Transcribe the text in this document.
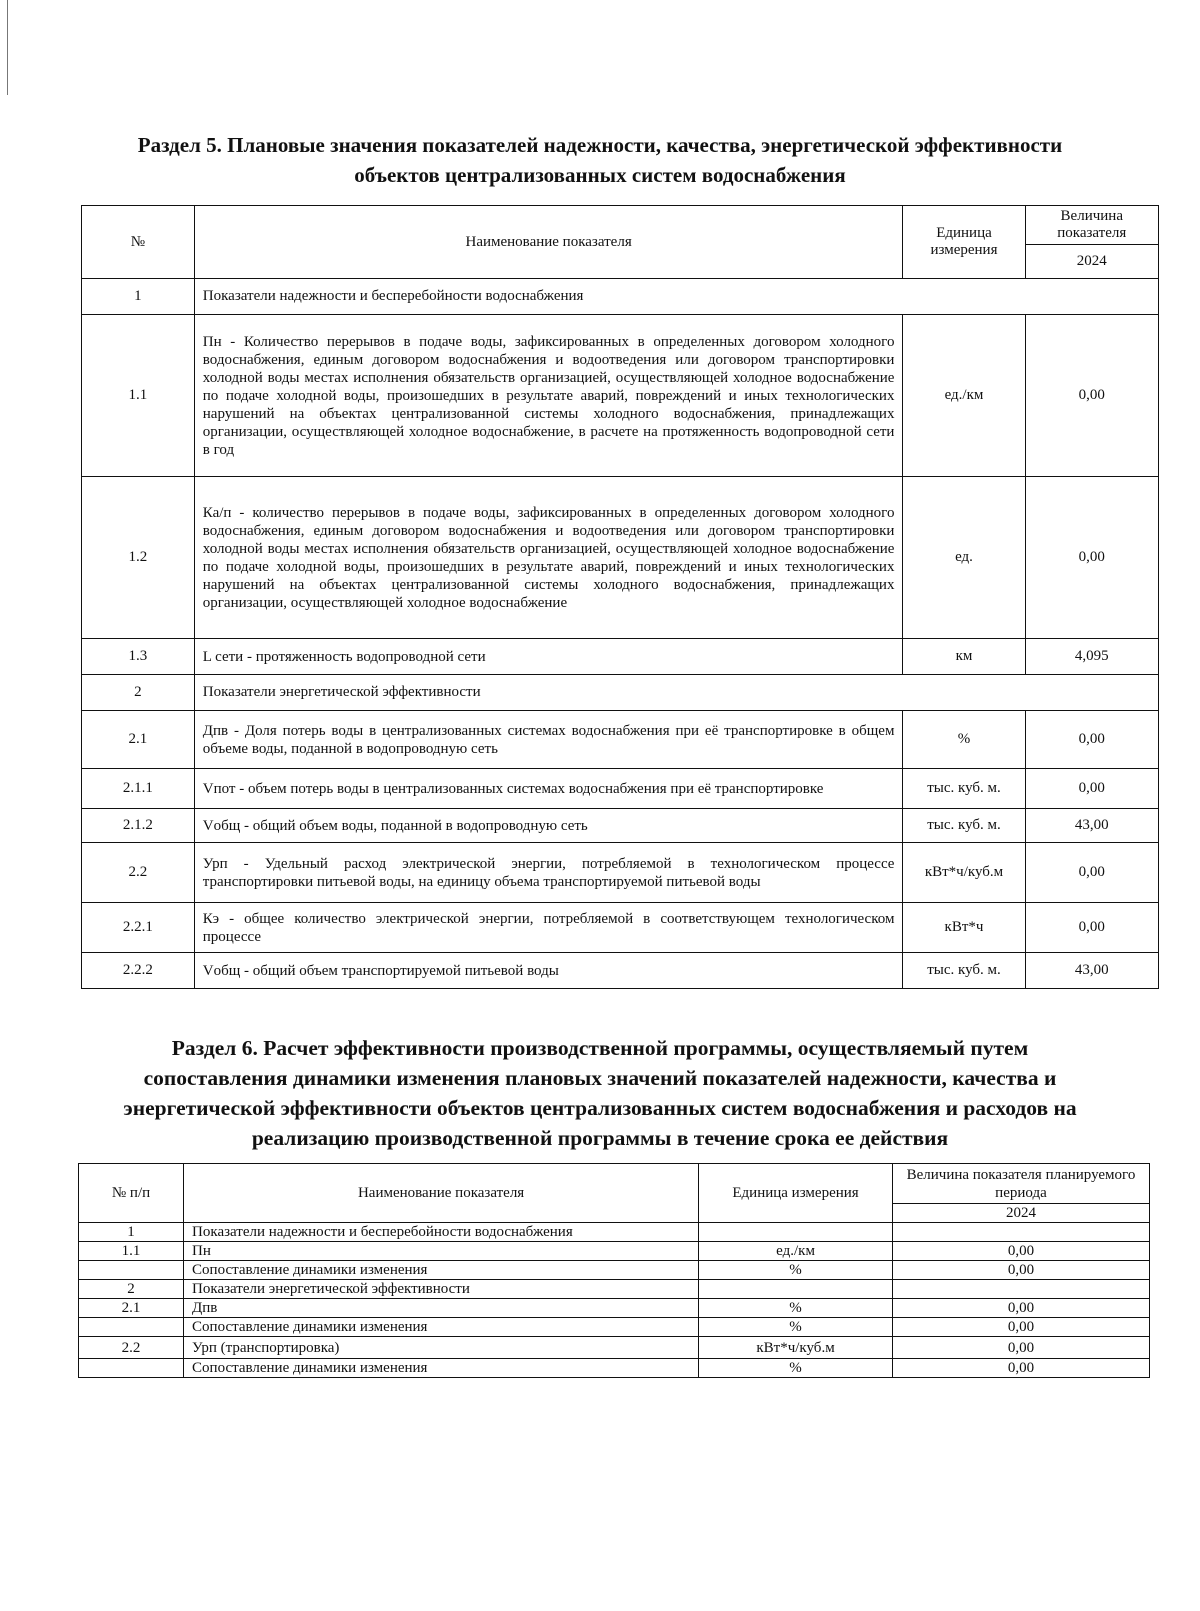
Раздел 5. Плановые значения показателей надежности, качества, энергетической эффективности
объектов централизованных систем водоснабжения
№	Наименование показателя	Единица измерения	Величина показателя
			2024
1	Показатели надежности и бесперебойности водоснабжения		
1.1	Пн - Количество перерывов в подаче воды, зафиксированных в определенных договором холодного водоснабжения, единым договором водоснабжения и водоотведения или договором транспортировки холодной воды местах исполнения обязательств организацией, осуществляющей холодное водоснабжение по подаче холодной воды, произошедших в результате аварий, повреждений и иных технологических нарушений на объектах централизованной системы холодного водоснабжения, принадлежащих организации, осуществляющей холодное водоснабжение, в расчете на протяженность водопроводной сети в год	ед./км	0,00
1.2	Ка/п - количество перерывов в подаче воды, зафиксированных в определенных договором холодного водоснабжения, единым договором водоснабжения и водоотведения или договором транспортировки холодной воды местах исполнения обязательств организацией, осуществляющей холодное водоснабжение по подаче холодной воды, произошедших в результате аварий, повреждений и иных технологических нарушений на объектах централизованной системы холодного водоснабжения, принадлежащих организации, осуществляющей холодное водоснабжение	ед.	0,00
1.3	L сети - протяженность водопроводной сети	км	4,095
2	Показатели энергетической эффективности		
2.1	Дпв - Доля потерь воды в централизованных системах водоснабжения при её транспортировке в общем объеме воды, поданной в водопроводную сеть	%	0,00
2.1.1	Vпот - объем потерь воды в централизованных системах водоснабжения при её транспортировке	тыс. куб. м.	0,00
2.1.2	Vобщ - общий объем воды, поданной в водопроводную сеть	тыс. куб. м.	43,00
2.2	Урп - Удельный расход электрической энергии, потребляемой в технологическом процессе транспортировки питьевой воды, на единицу объема транспортируемой питьевой воды	кВт*ч/куб.м	0,00
2.2.1	Кэ - общее количество электрической энергии, потребляемой в соответствующем технологическом процессе	кВт*ч	0,00
2.2.2	Vобщ - общий объем транспортируемой питьевой воды	тыс. куб. м.	43,00
Раздел 6. Расчет эффективности производственной программы, осуществляемый путем
сопоставления динамики изменения плановых значений показателей надежности, качества и
энергетической эффективности объектов централизованных систем водоснабжения и расходов на
реализацию производственной программы в течение срока ее действия
№ п/п	Наименование показателя	Единица измерения	Величина показателя планируемого периода
			2024
1	Показатели надежности и бесперебойности водоснабжения		
1.1	Пн	ед./км	0,00
	Сопоставление динамики изменения	%	0,00
2	Показатели энергетической эффективности		
2.1	Дпв	%	0,00
	Сопоставление динамики изменения	%	0,00
2.2	Урп (транспортировка)	кВт*ч/куб.м	0,00
	Сопоставление динамики изменения	%	0,00
